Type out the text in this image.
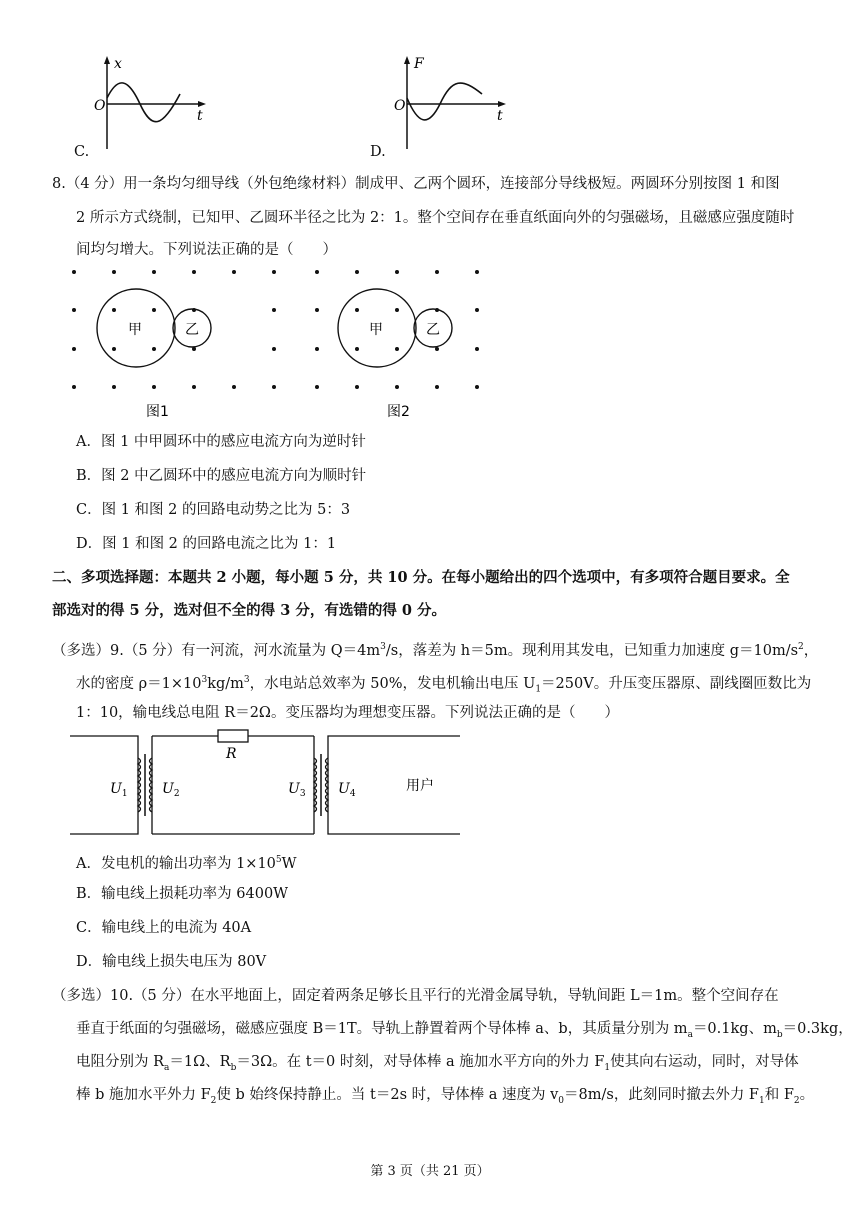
x
t
O
C.
F
t
O
D.
8.（4 分）用一条均匀细导线（外包绝缘材料）制成甲、乙两个圆环，连接部分导线极短。两圆环分别按图 1 和图
2 所示方式绕制，已知甲、乙圆环半径之比为 2：1。整个空间存在垂直纸面向外的匀强磁场，且磁感应强度随时
间均匀增大。下列说法正确的是（　　）
甲	乙	甲	乙
图1	图2
A．图 1 中甲圆环中的感应电流方向为逆时针
B．图 2 中乙圆环中的感应电流方向为顺时针
C．图 1 和图 2 的回路电动势之比为 5：3
D．图 1 和图 2 的回路电流之比为 1：1
二、多项选择题：本题共 2 小题，每小题 5 分，共 10 分。在每小题给出的四个选项中，有多项符合题目要求。全
部选对的得 5 分，选对但不全的得 3 分，有选错的得 0 分。
（多选）9.（5 分）有一河流，河水流量为 $Q=4m^3/s$，落差为 h＝5m。现利用其发电，已知重力加速度 $g=10m/s^2$，
水的密度 $\rho=1\times 10^3kg/m^3$，水电站总效率为 50%，发电机输出电压 $U_1=250V$。升压变压器原、副线圈匝数比为
1：10，输电线总电阻 R＝2Ω。变压器均为理想变压器。下列说法正确的是（　　）
R
$U_1$ $U_2$	$U_3$ $U_4$	用户
A．发电机的输出功率为 $1\times 10^5W$
B．输电线上损耗功率为 6400W
C．输电线上的电流为 40A
D．输电线上损失电压为 80V
（多选）10.（5 分）在水平地面上，固定着两条足够长且平行的光滑金属导轨，导轨间距 L＝1m。整个空间存在
垂直于纸面的匀强磁场，磁感应强度 B＝1T。导轨上静置着两个导体棒 a、b，其质量分别为 $m_a=0.1kg$、$m_b=0.3kg$，
电阻分别为 $R_a=1\Omega$、$R_b=3\Omega$。在 t＝0 时刻，对导体棒 a 施加水平方向的外力 $F_1$使其向右运动，同时，对导体
棒 b 施加水平外力 $F_2$使 b 始终保持静止。当 t＝2s 时，导体棒 a 速度为 $v_0=8m/s$，此刻同时撤去外力 $F_1$和 $F_2$。
第 3 页（共 21 页）
